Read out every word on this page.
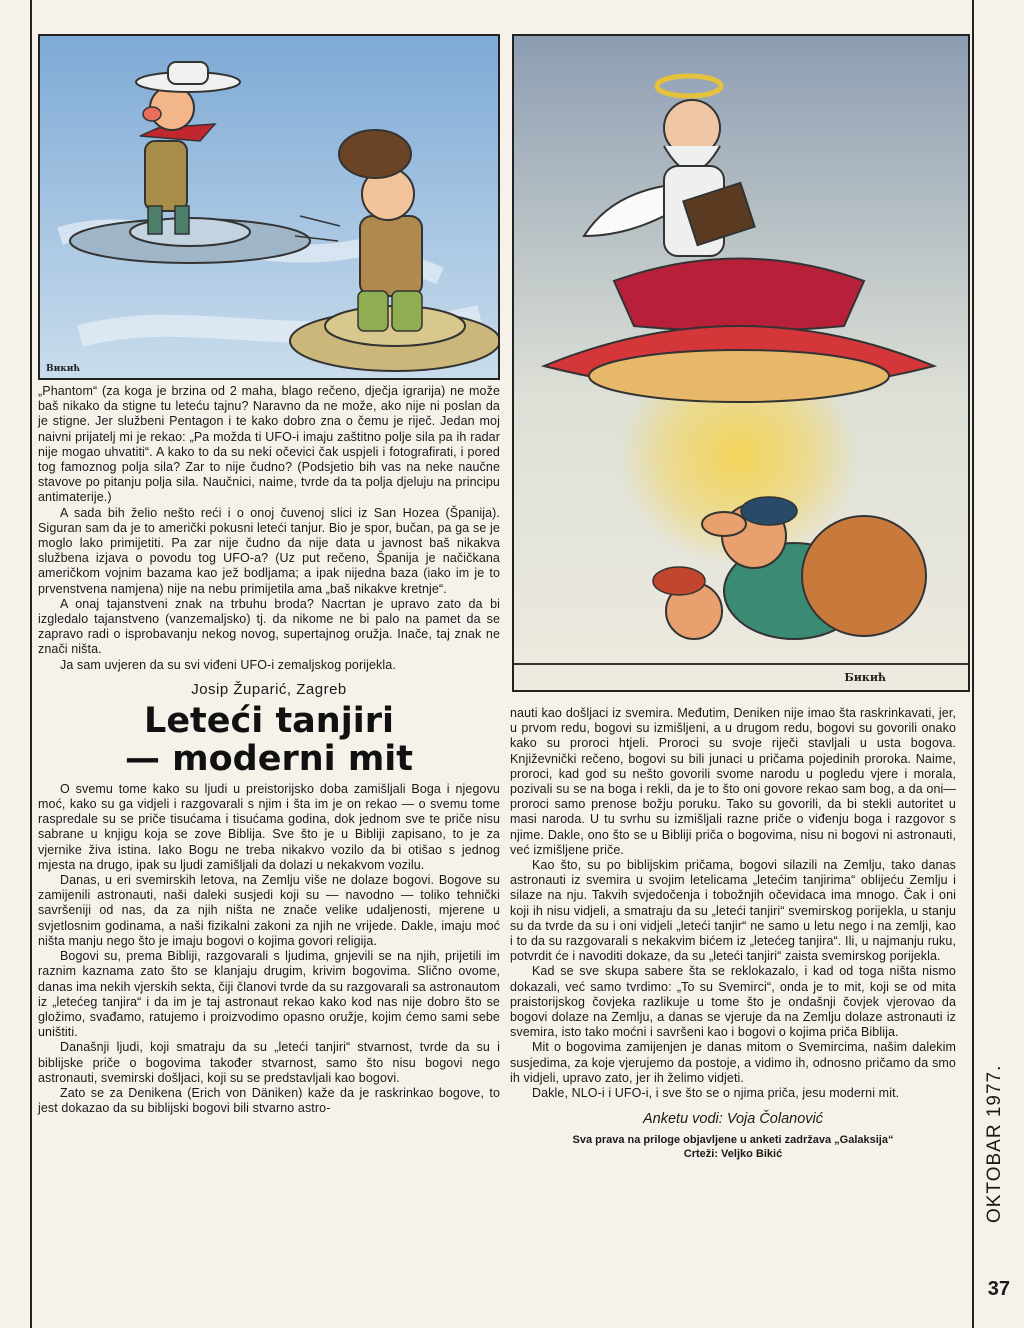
Bикић
Бикић

„Phantom“ (za koga je brzina od 2 maha, blago rečeno, dječja igrarija) ne može baš nikako da stigne tu leteću tajnu? Naravno da ne može, ako nije ni poslan da je stigne. Jer službeni Pentagon i te kako dobro zna o čemu je riječ. Jedan moj naivni prijatelj mi je rekao: „Pa možda ti UFO-i imaju zaštitno polje sila pa ih radar nije mogao uhvatiti“. A kako to da su neki očevici čak uspjeli i fotografirati, i pored tog famoznog polja sila? Zar to nije čudno? (Podsjetio bih vas na neke naučne stavove po pitanju polja sila. Naučnici, naime, tvrde da ta polja djeluju na principu antimaterije.)

A sada bih želio nešto reći i o onoj čuvenoj slici iz San Hozea (Španija). Siguran sam da je to američki pokusni leteći tanjur. Bio je spor, bučan, pa ga se je moglo lako primijetiti. Pa zar nije čudno da nije data u javnost baš nikakva službena izjava o povodu tog UFO-a? (Uz put rečeno, Španija je načičkana američkom vojnim bazama kao jež bodljama; a ipak nijedna baza (iako im je to prvenstvena namjena) nije na nebu primijetila ama „baš nikakve kretnje“.

A onaj tajanstveni znak na trbuhu broda? Nacrtan je upravo zato da bi izgledalo tajanstveno (vanzemaljsko) tj. da nikome ne bi palo na pamet da se zapravo radi o isprobavanju nekog novog, supertajnog oružja. Inače, taj znak ne znači ništa.

Ja sam uvjeren da su svi viđeni UFO-i zemaljskog porijekla.

Josip Župarić, Zagreb
Leteći tanjiri
— moderni mit

O svemu tome kako su ljudi u preistorijsko doba zamišljali Boga i njegovu moć, kako su ga vidjeli i razgovarali s njim i šta im je on rekao — o svemu tome raspredale su se priče tisućama i tisućama godina, dok jednom sve te priče nisu sabrane u knjigu koja se zove Biblija. Sve što je u Bibliji zapisano, to je za vjernike živa istina. Iako Bogu ne treba nikakvo vozilo da bi otišao s jednog mjesta na drugo, ipak su ljudi zamišljali da dolazi u nekakvom vozilu.

Danas, u eri svemirskih letova, na Zemlju više ne dolaze bogovi. Bogove su zamijenili astronauti, naši daleki susjedi koji su — navodno — toliko tehnički savršeniji od nas, da za njih ništa ne znače velike udaljenosti, mjerene u svjetlosnim godinama, a naši fizikalni zakoni za njih ne vrijede. Dakle, imaju moć ništa manju nego što je imaju bogovi o kojima govori religija.

Bogovi su, prema Bibliji, razgovarali s ljudima, gnjevili se na njih, prijetili im raznim kaznama zato što se klanjaju drugim, krivim bogovima. Slično ovome, danas ima nekih vjerskih sekta, čiji članovi tvrde da su razgovarali sa astronautom iz „letećeg tanjira“ i da im je taj astronaut rekao kako kod nas nije dobro što se gložimo, svađamo, ratujemo i proizvodimo opasno oružje, kojim ćemo sami sebe uništiti.

Današnji ljudi, koji smatraju da su „leteći tanjiri“ stvarnost, tvrde da su i biblijske priče o bogovima također stvarnost, samo što nisu bogovi nego astronauti, svemirski došljaci, koji su se predstavljali kao bogovi.

Zato se za Denikena (Erich von Däniken) kaže da je raskrinkao bogove, to jest dokazao da su biblijski bogovi bili stvarno astro-

nauti kao došljaci iz svemira. Međutim, Deniken nije imao šta raskrinkavati, jer, u prvom redu, bogovi su izmišljeni, a u drugom redu, bogovi su govorili onako kako su proroci htjeli. Proroci su svoje riječi stavljali u usta bogova. Književnički rečeno, bogovi su bili junaci u pričama pojedinih proroka. Naime, proroci, kad god su nešto govorili svome narodu u pogledu vjere i morala, pozivali su se na boga i rekli, da je to što oni govore rekao sam bog, a da oni—proroci samo prenose božju poruku. Tako su govorili, da bi stekli autoritet u masi naroda. U tu svrhu su izmišljali razne priče o viđenju boga i razgovor s njime. Dakle, ono što se u Bibliji priča o bogovima, nisu ni bogovi ni astronauti, već izmišljene priče.

Kao što, su po biblijskim pričama, bogovi silazili na Zemlju, tako danas astronauti iz svemira u svojim letelicama „letećim tanjirima“ oblijeću Zemlju i silaze na nju. Takvih svjedočenja i tobožnjih očevidaca ima mnogo. Čak i oni koji ih nisu vidjeli, a smatraju da su „leteći tanjiri“ svemirskog porijekla, u stanju su da tvrde da su i oni vidjeli „leteći tanjir“ ne samo u letu nego i na zemlji, kao i to da su razgovarali s nekakvim bićem iz „letećeg tanjira“. Ili, u najmanju ruku, potvrdit će i navoditi dokaze, da su „leteći tanjiri“ zaista svemirskog porijekla.

Kad se sve skupa sabere šta se reklokazalo, i kad od toga ništa nismo dokazali, već samo tvrdimo: „To su Svemirci“, onda je to mit, koji se od mita praistorijskog čovjeka razlikuje u tome što je ondašnji čovjek vjerovao da bogovi dolaze na Zemlju, a danas se vjeruje da na Zemlju dolaze astronauti iz svemira, isto tako moćni i savršeni kao i bogovi o kojima priča Biblija.

Mit o bogovima zamijenjen je danas mitom o Svemircima, našim dalekim susjedima, za koje vjerujemo da postoje, a vidimo ih, odnosno pričamo da smo ih vidjeli, upravo zato, jer ih želimo vidjeti.

Dakle, NLO-i i UFO-i, i sve što se o njima priča, jesu moderni mit.

Anketu vodi: Voja Čolanović

Sva prava na priloge objavljene u anketi zadržava „Galaksija“

Crteži: Veljko Bikić	OKTOBAR 1977.
37
